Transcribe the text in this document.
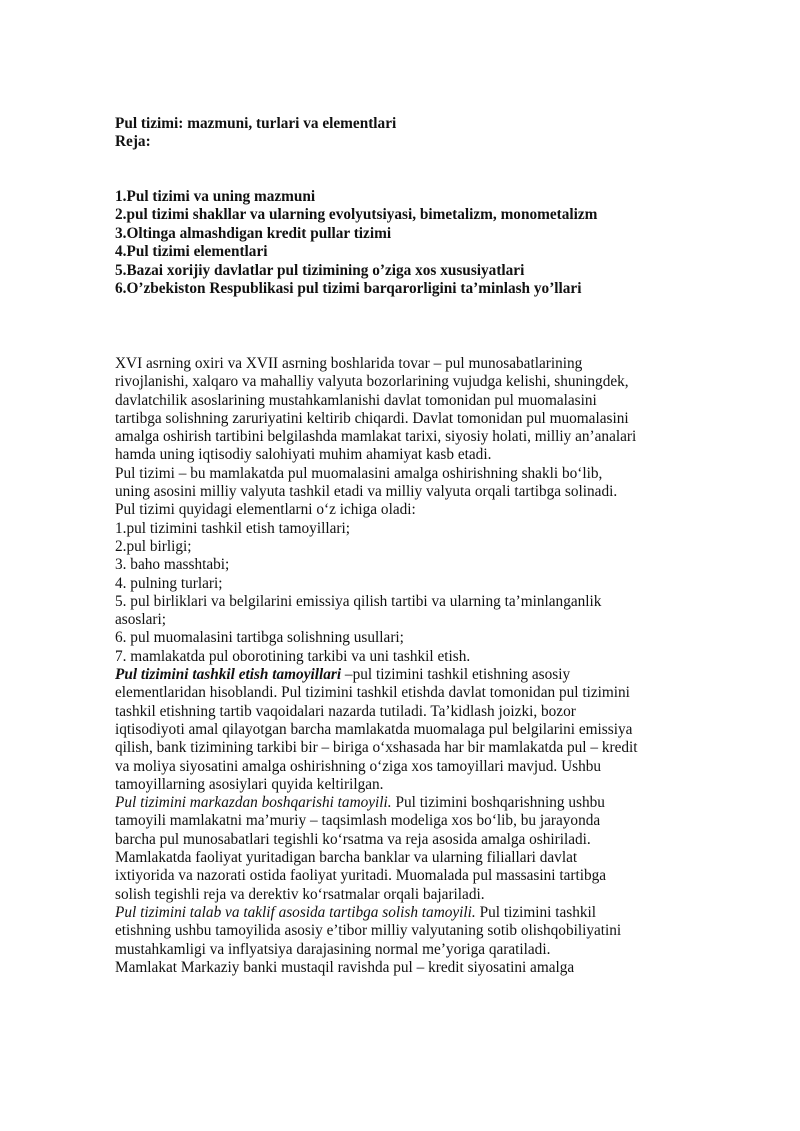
Pul tizimi: mazmuni, turlari va elementlari
Reja:
1.Pul tizimi va uning mazmuni
2.pul tizimi shakllar va ularning evolyutsiyasi, bimetalizm, monometalizm
3.Oltinga almashdigan kredit pullar tizimi
4.Pul tizimi elementlari
5.Bazai xorijiy davlatlar pul tizimining o’ziga xos xususiyatlari
6.O’zbekiston Respublikasi pul tizimi barqarorligini ta’minlash yo’llari

XVI asrning oxiri va XVII asrning boshlarida tovar – pul munosabatlarining rivojlanishi, xalqaro va mahalliy valyuta bozorlarining vujudga kelishi, shuningdek, davlatchilik asoslarining mustahkamlanishi davlat tomonidan pul muomalasini tartibga solishning zaruriyatini keltirib chiqardi. Davlat tomonidan pul muomalasini amalga oshirish tartibini belgilashda mamlakat tarixi, siyosiy holati, milliy an’analari hamda uning iqtisodiy salohiyati muhim ahamiyat kasb etadi.

Pul tizimi – bu mamlakatda pul muomalasini amalga oshirishning shakli bo‘lib, uning asosini milliy valyuta tashkil etadi va milliy valyuta orqali tartibga solinadi.

Pul tizimi quyidagi elementlarni o‘z ichiga oladi:

1.pul tizimini tashkil etish tamoyillari;

2.pul birligi;

3. baho masshtabi;

4. pulning turlari;

5. pul birliklari va belgilarini emissiya qilish tartibi va ularning ta’minlanganlik asoslari;

6. pul muomalasini tartibga solishning usullari;

7. mamlakatda pul oborotining tarkibi va uni tashkil etish.

Pul tizimini tashkil etish tamoyillari –pul tizimini tashkil etishning asosiy elementlaridan hisoblandi. Pul tizimini tashkil etishda davlat tomonidan pul tizimini tashkil etishning tartib vaqoidalari nazarda tutiladi. Ta’kidlash joizki, bozor iqtisodiyoti amal qilayotgan barcha mamlakatda muomalaga pul belgilarini emissiya qilish, bank tizimining tarkibi bir – biriga o‘xshasada har bir mamlakatda pul – kredit va moliya siyosatini amalga oshirishning o‘ziga xos tamoyillari mavjud. Ushbu tamoyillarning asosiylari quyida keltirilgan.

Pul tizimini markazdan boshqarishi tamoyili. Pul tizimini boshqarishning ushbu tamoyili mamlakatni ma’muriy – taqsimlash modeliga xos bo‘lib, bu jarayonda barcha pul munosabatlari tegishli ko‘rsatma va reja asosida amalga oshiriladi. Mamlakatda faoliyat yuritadigan barcha banklar va ularning filiallari davlat ixtiyorida va nazorati ostida faoliyat yuritadi. Muomalada pul massasini tartibga solish tegishli reja va derektiv ko‘rsatmalar orqali bajariladi.

Pul tizimini talab va taklif asosida tartibga solish tamoyili. Pul tizimini tashkil etishning ushbu tamoyilida asosiy e’tibor milliy valyutaning sotib olishqobiliyatini mustahkamligi va inflyatsiya darajasining normal me’yoriga qaratiladi.

Mamlakat Markaziy banki mustaqil ravishda pul – kredit siyosatini amalga
